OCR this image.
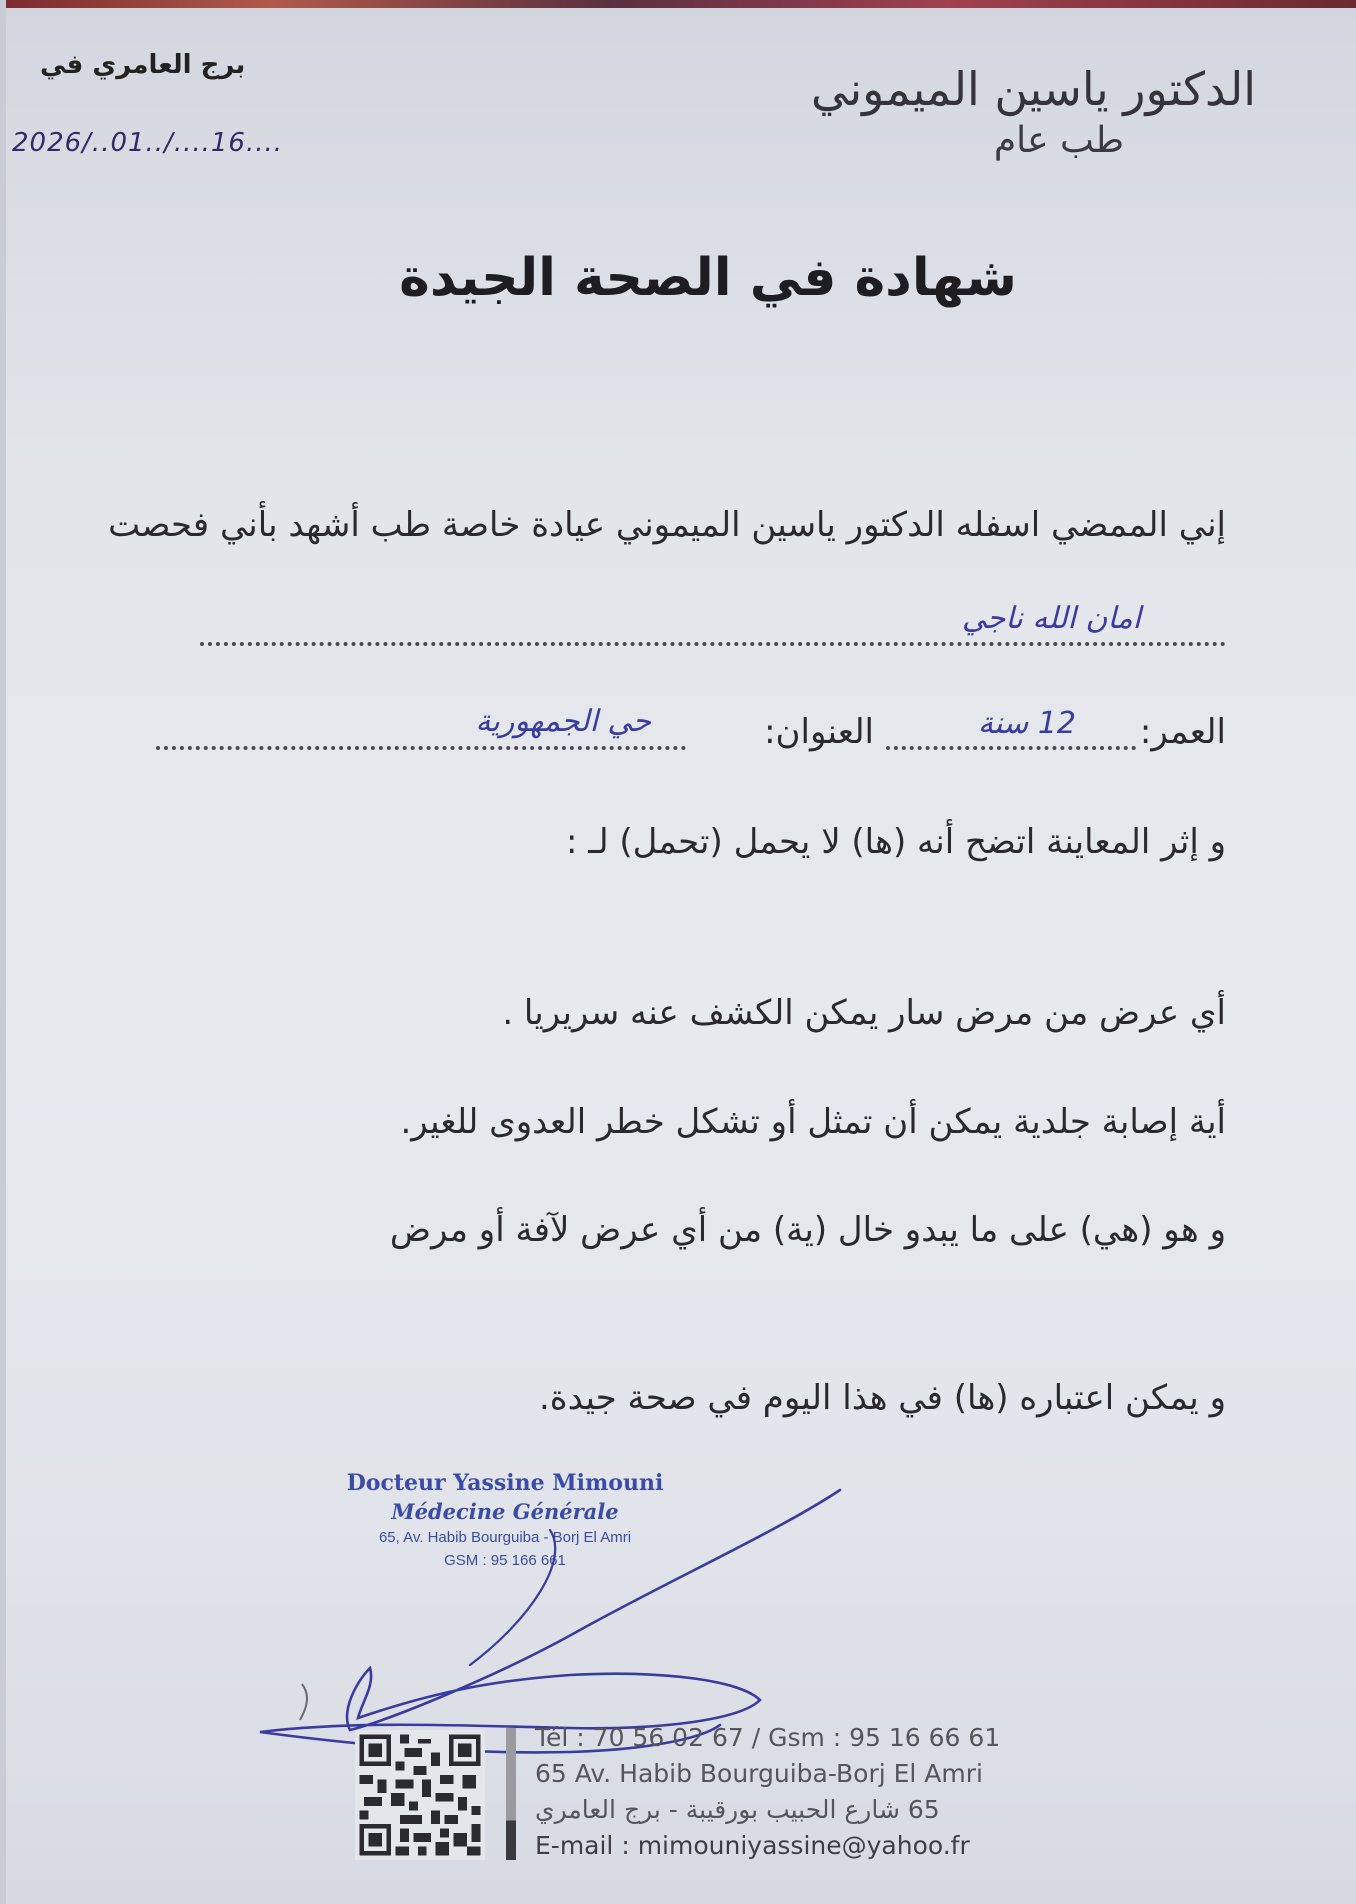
الدكتور ياسين الميموني
طب عام
برج العامري في
2026/..01../....16....
شهادة في الصحة الجيدة
إني الممضي اسفله الدكتور ياسين الميموني عيادة خاصة طب أشهد بأني فحصت
امان الله ناجي
العمر:
12 سنة
العنوان:
حي الجمهورية
و إثر المعاينة اتضح أنه (ها) لا يحمل (تحمل) لـ :
أي عرض من مرض سار يمكن الكشف عنه سريريا .
أية إصابة جلدية يمكن أن تمثل أو تشكل خطر العدوى للغير.
و هو (هي) على ما يبدو خال (ية) من أي عرض لآفة أو مرض
و يمكن اعتباره (ها) في هذا اليوم في صحة جيدة.
Docteur Yassine Mimouni
Médecine Générale
65, Av. Habib Bourguiba - Borj El Amri
GSM : 95 166 661
Tél : 70 56 02 67 / Gsm : 95 16 66 61
65 Av. Habib Bourguiba-Borj El Amri
65 شارع الحبيب بورقيبة - برج العامري
E-mail : mimouniyassine@yahoo.fr
